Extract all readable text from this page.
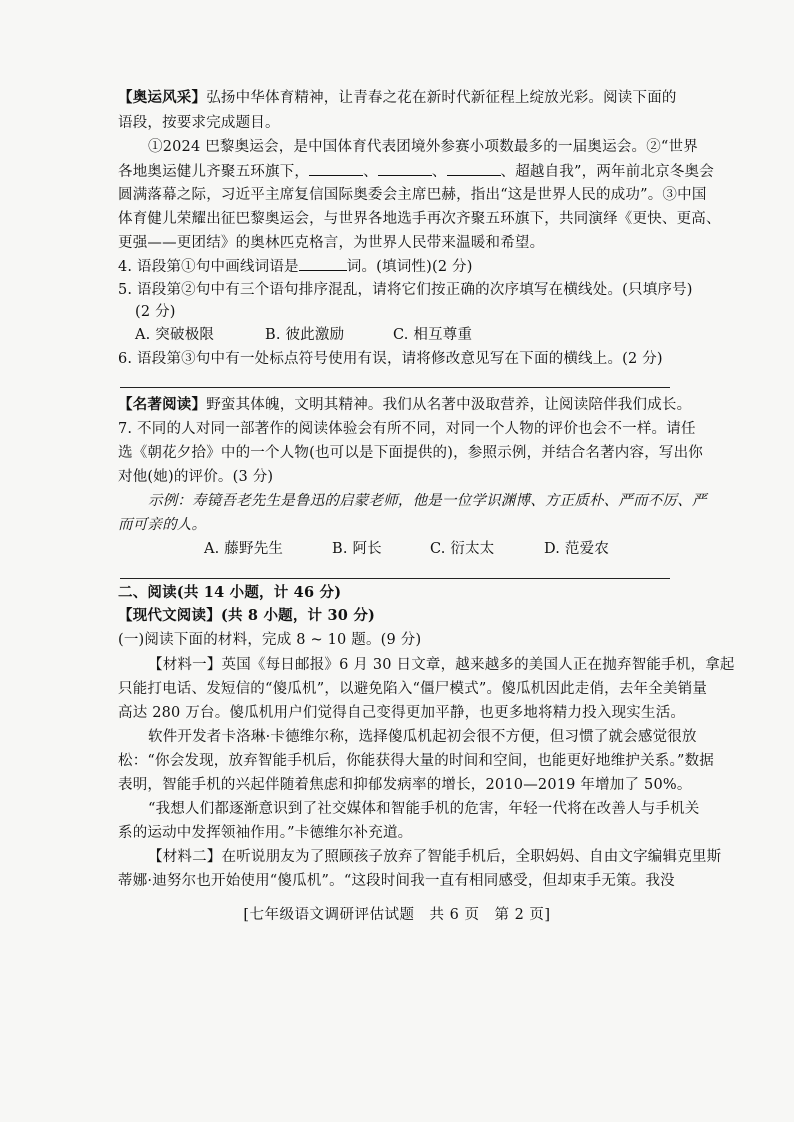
【奥运风采】弘扬中华体育精神，让青春之花在新时代新征程上绽放光彩。阅读下面的
语段，按要求完成题目。
①2024 巴黎奥运会，是中国体育代表团境外参赛小项数最多的一届奥运会。②“世界
各地奥运健儿齐聚五环旗下，	、	、	、超越自我”，两年前北京冬奥会
圆满落幕之际，习近平主席复信国际奥委会主席巴赫，指出“这是世界人民的成功”。③中国
体育健儿荣耀出征巴黎奥运会，与世界各地选手再次齐聚五环旗下，共同演绎《更快、更高、
更强——更团结》的奥林匹克格言，为世界人民带来温暖和希望。
4. 语段第①句中画线词语是	词。(填词性)(2 分)
5. 语段第②句中有三个语句排序混乱，请将它们按正确的次序填写在横线处。(只填序号)
(2 分)
A. 突破极限	B. 彼此激励	C. 相互尊重
6. 语段第③句中有一处标点符号使用有误，请将修改意见写在下面的横线上。(2 分)
【名著阅读】野蛮其体魄，文明其精神。我们从名著中汲取营养，让阅读陪伴我们成长。
7. 不同的人对同一部著作的阅读体验会有所不同，对同一个人物的评价也会不一样。请任
选《朝花夕拾》中的一个人物(也可以是下面提供的)，参照示例，并结合名著内容，写出你
对他(她)的评价。(3 分)
示例：寿镜吾老先生是鲁迅的启蒙老师，他是一位学识渊博、方正质朴、严而不厉、严
而可亲的人。
A. 藤野先生	B. 阿长	C. 衍太太	D. 范爱农
二、阅读(共 14 小题，计 46 分)
【现代文阅读】(共 8 小题，计 30 分)
(一)阅读下面的材料，完成 8 ~ 10 题。(9 分)
【材料一】英国《每日邮报》6 月 30 日文章，越来越多的美国人正在抛弃智能手机，拿起
只能打电话、发短信的“傻瓜机”，以避免陷入“僵尸模式”。傻瓜机因此走俏，去年全美销量
高达 280 万台。傻瓜机用户们觉得自己变得更加平静，也更多地将精力投入现实生活。
软件开发者卡洛琳·卡德维尔称，选择傻瓜机起初会很不方便，但习惯了就会感觉很放
松：“你会发现，放弃智能手机后，你能获得大量的时间和空间，也能更好地维护关系。”数据
表明，智能手机的兴起伴随着焦虑和抑郁发病率的增长，2010—2019 年增加了 50%。
“我想人们都逐渐意识到了社交媒体和智能手机的危害，年轻一代将在改善人与手机关
系的运动中发挥领袖作用。”卡德维尔补充道。
【材料二】在听说朋友为了照顾孩子放弃了智能手机后，全职妈妈、自由文字编辑克里斯
蒂娜·迪努尔也开始使用“傻瓜机”。“这段时间我一直有相同感受，但却束手无策。我没
[七年级语文调研评估试题　共 6 页　第 2 页]
